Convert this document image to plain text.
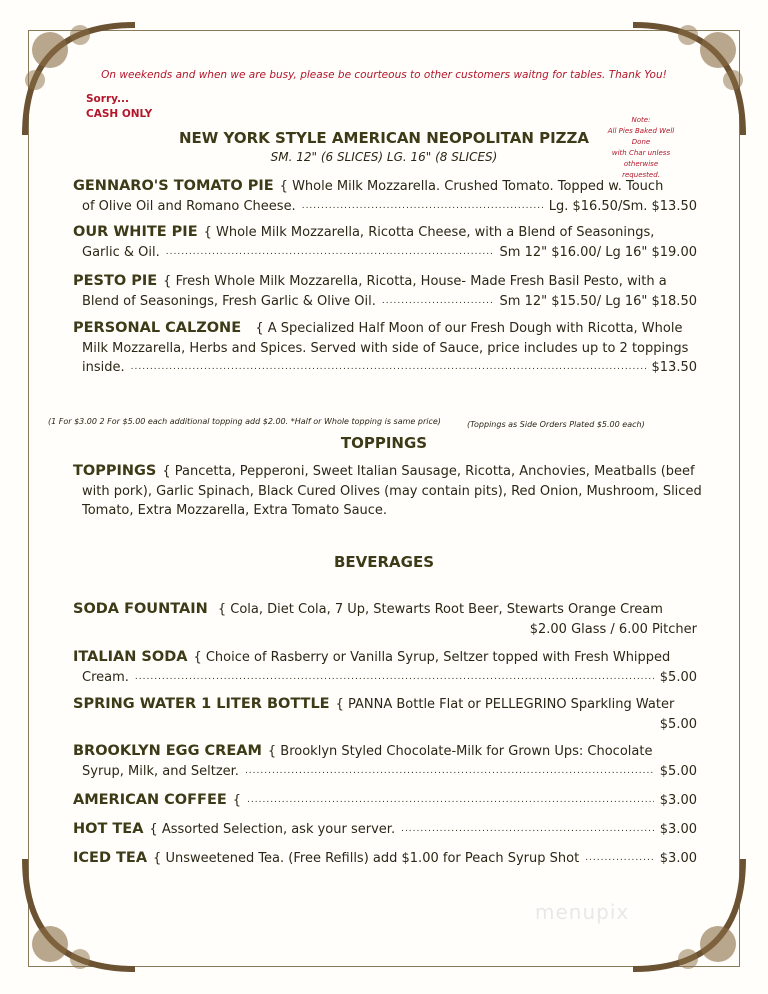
On weekends and when we are busy, please be courteous to other customers waitng for tables. Thank You!
Sorry...
CASH ONLY	Note:
All Pies Baked Well Done
with Char unless otherwise
requested.
NEW YORK STYLE AMERICAN NEOPOLITAN PIZZA
SM. 12" (6 SLICES) LG. 16" (8 SLICES)
GENNARO'S TOMATO PIE { Whole Milk Mozzarella. Crushed Tomato. Topped w. Touch
of Olive Oil and Romano Cheese. .....	Lg. $16.50/Sm. $13.50
OUR WHITE PIE { Whole Milk Mozzarella, Ricotta Cheese, with a Blend of Seasonings,
Garlic & Oil. .....	Sm 12" $16.00/ Lg 16" $19.00
PESTO PIE { Fresh Whole Milk Mozzarella, Ricotta, House- Made Fresh Basil Pesto, with a
Blend of Seasonings, Fresh Garlic & Olive Oil. .....	Sm 12" $15.50/ Lg 16" $18.50
PERSONAL CALZONE { A Specialized Half Moon of our Fresh Dough with Ricotta, Whole
Milk Mozzarella, Herbs and Spices. Served with side of Sauce, price includes up to 2 toppings
inside. .....	$13.50
(1 For $3.00 2 For $5.00 each additional topping add $2.00. *Half or Whole topping is same price)	(Toppings as Side Orders Plated $5.00 each)
TOPPINGS
TOPPINGS { Pancetta, Pepperoni, Sweet Italian Sausage, Ricotta, Anchovies, Meatballs (beef
with pork), Garlic Spinach, Black Cured Olives (may contain pits), Red Onion, Mushroom, Sliced
Tomato, Extra Mozzarella, Extra Tomato Sauce.
BEVERAGES
SODA FOUNTAIN { Cola, Diet Cola, 7 Up, Stewarts Root Beer, Stewarts Orange Cream
$2.00 Glass / 6.00 Pitcher
ITALIAN SODA { Choice of Rasberry or Vanilla Syrup, Seltzer topped with Fresh Whipped
Cream. .....	$5.00
SPRING WATER 1 LITER BOTTLE { PANNA Bottle Flat or PELLEGRINO Sparkling Water
$5.00
BROOKLYN EGG CREAM { Brooklyn Styled Chocolate-Milk for Grown Ups: Chocolate
Syrup, Milk, and Seltzer. .....	$5.00
AMERICAN COFFEE { .....	$3.00
HOT TEA { Assorted Selection, ask your server. .....	$3.00
ICED TEA { Unsweetened Tea. (Free Refills) add $1.00 for Peach Syrup Shot .....	$3.00
menupix
